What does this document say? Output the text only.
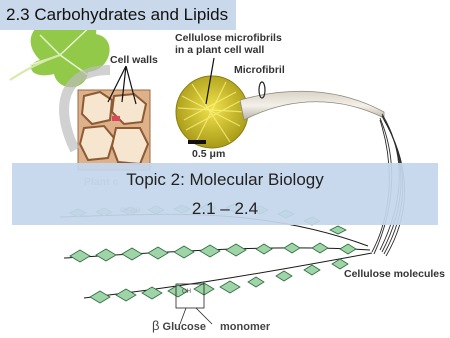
2.3 Carbohydrates and Lipids
Cell walls
Cellulose microfibrils
in a plant cell wall
Microfibril
0.5 μm
Cellulose molecules
OH
β Glucose monomer
Topic 2: Molecular Biology
2.1 – 2.4
